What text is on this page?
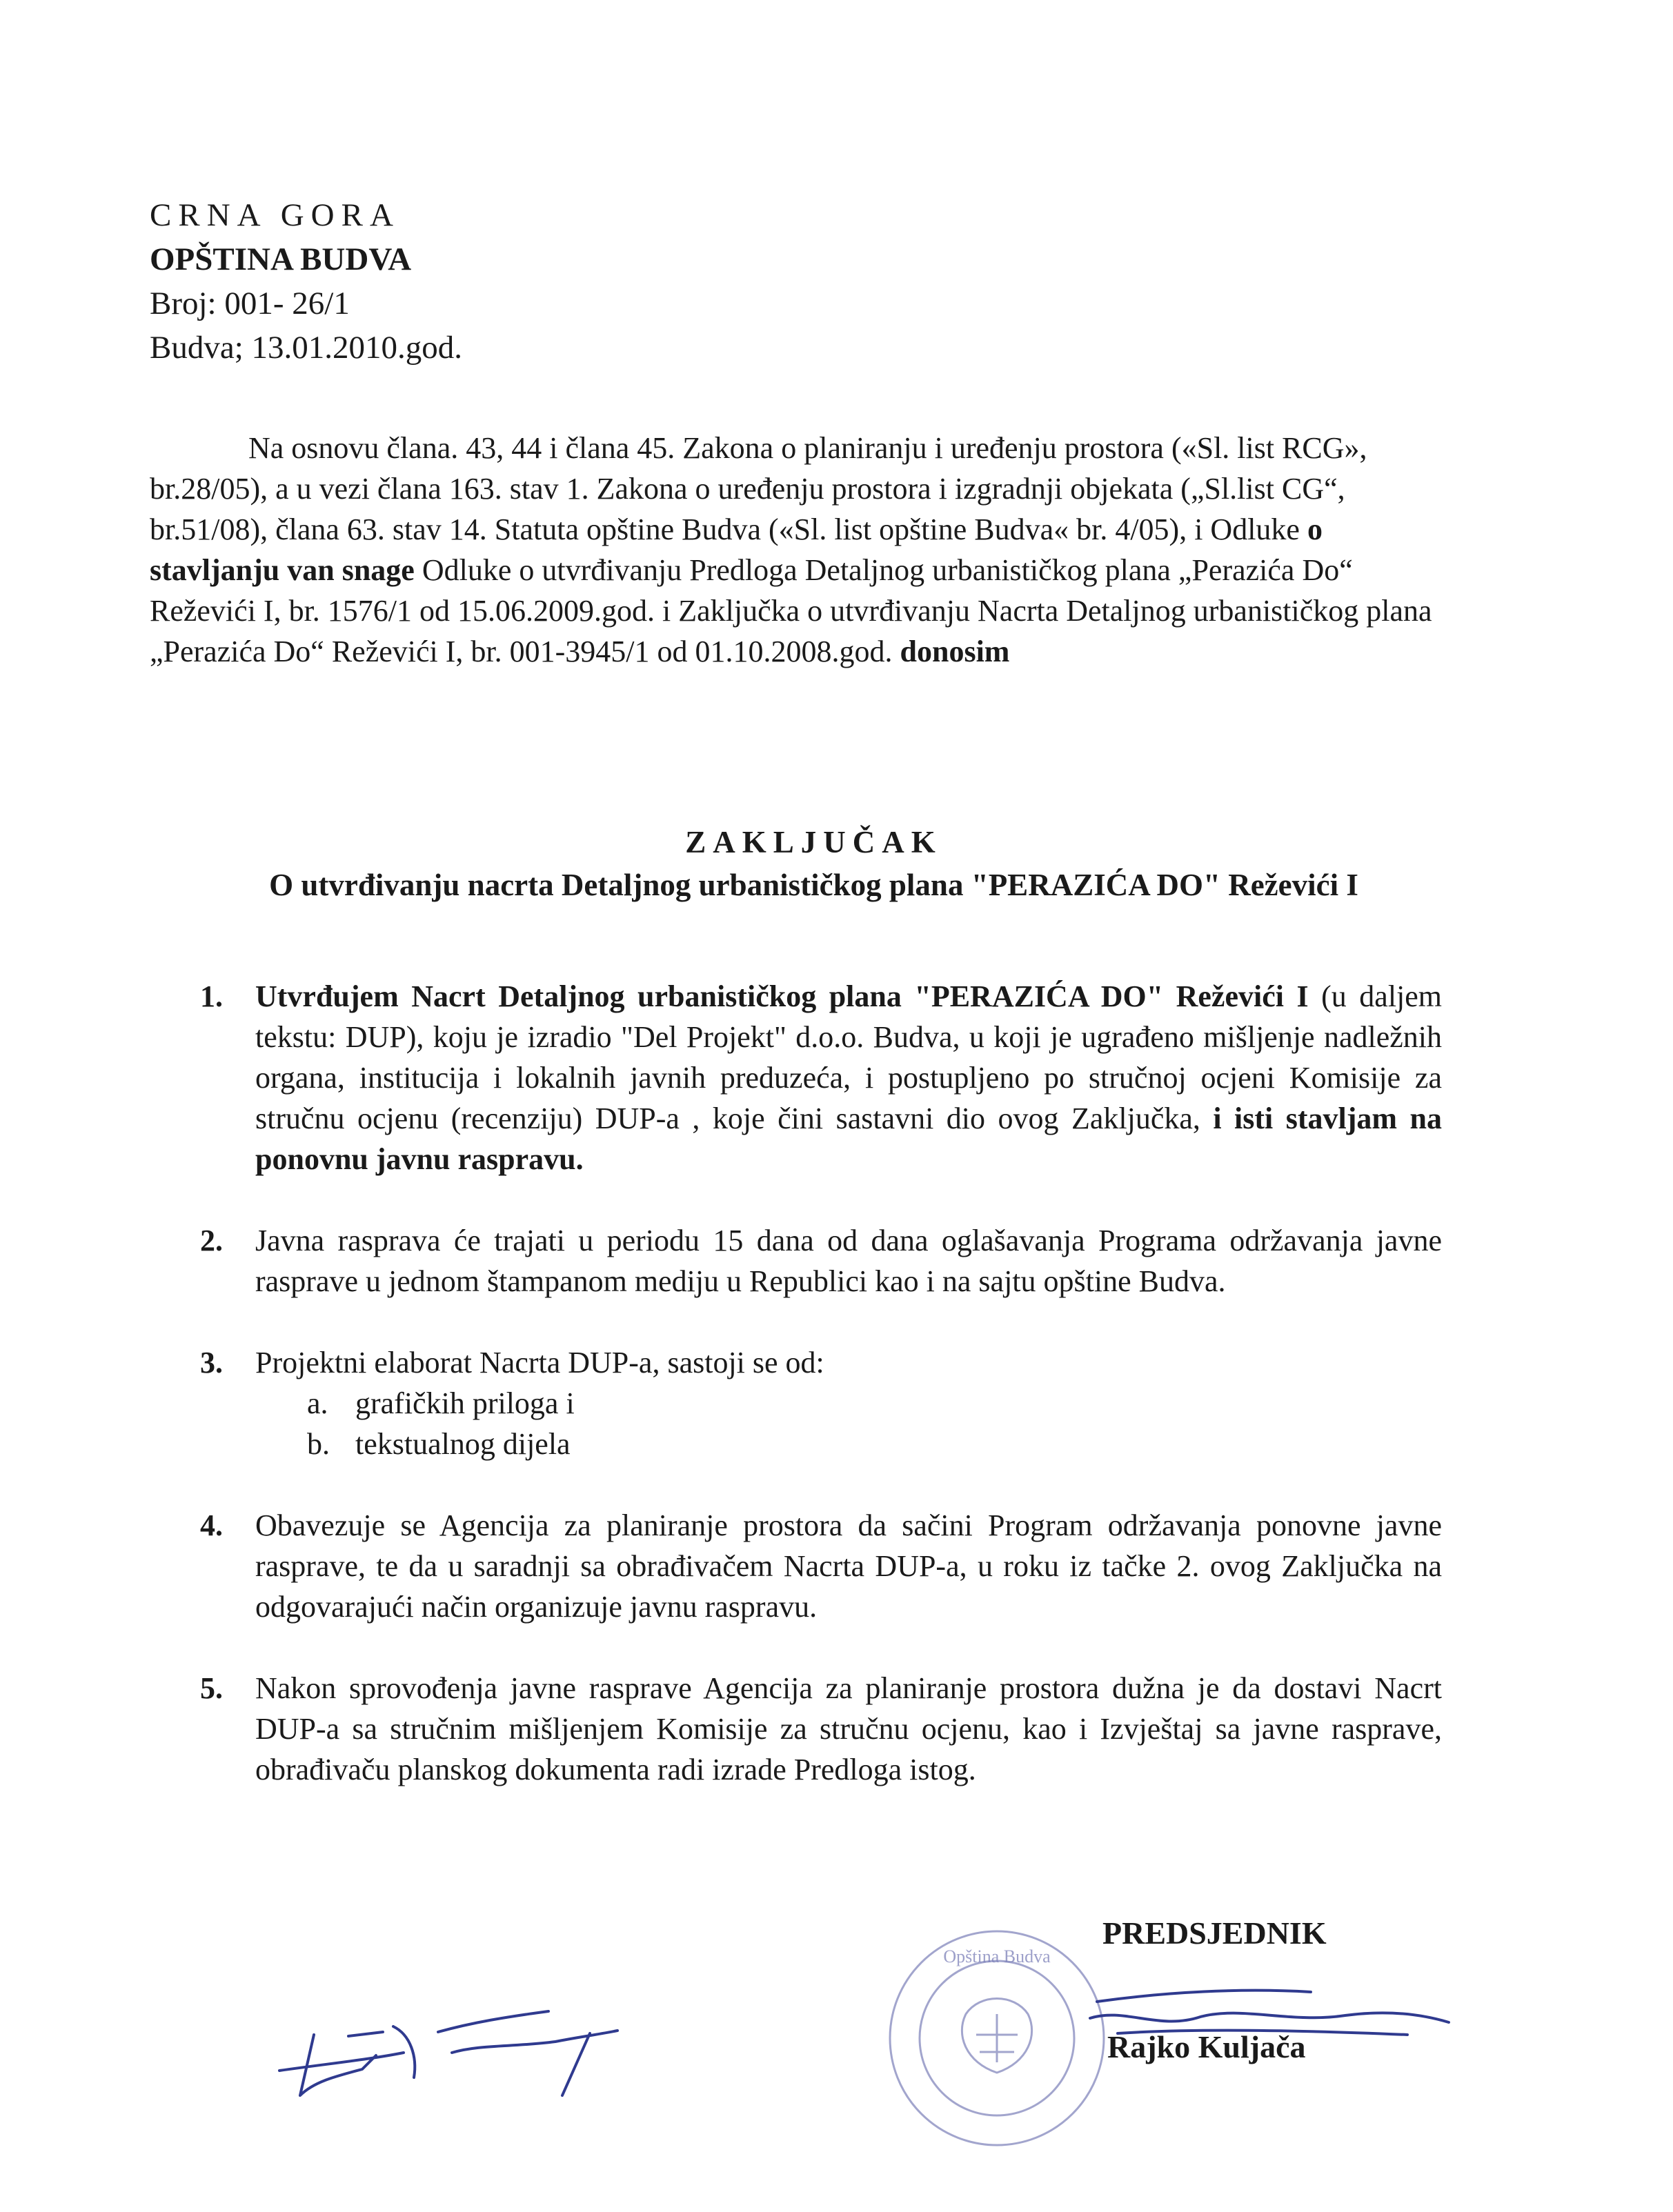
CRNA GORA
OPŠTINA BUDVA
Broj: 001- 26/1
Budva; 13.01.2010.god.
Na osnovu člana. 43, 44 i člana 45. Zakona o planiranju i uređenju prostora («Sl. list RCG», br.28/05), a u vezi člana 163. stav 1. Zakona o uređenju prostora i izgradnji objekata („Sl.list CG“, br.51/08), člana 63. stav 14. Statuta opštine Budva («Sl. list opštine Budva« br. 4/05), i Odluke o stavljanju van snage Odluke o utvrđivanju Predloga Detaljnog urbanističkog plana „Perazića Do“ Reževići I, br. 1576/1 od 15.06.2009.god. i Zaključka o utvrđivanju Nacrta Detaljnog urbanističkog plana „Perazića Do“ Reževići I, br. 001-3945/1 od 01.10.2008.god. donosim
ZAKLJUČAK
O utvrđivanju nacrta Detaljnog urbanističkog plana "PERAZIĆA DO" Reževići I
1.	Utvrđujem Nacrt Detaljnog urbanističkog plana "PERAZIĆA DO" Reževići I (u daljem tekstu: DUP), koju je izradio "Del Projekt" d.o.o. Budva, u koji je ugrađeno mišljenje nadležnih organa, institucija i lokalnih javnih preduzeća, i postupljeno po stručnoj ocjeni Komisije za stručnu ocjenu (recenziju) DUP-a , koje čini sastavni dio ovog Zaključka, i isti stavljam na ponovnu javnu raspravu.
2.	Javna rasprava će trajati u periodu 15 dana od dana oglašavanja Programa održavanja javne rasprave u jednom štampanom mediju u Republici kao i na sajtu opštine Budva.
3.	Projektni elaborat Nacrta DUP-a, sastoji se od:
a. grafičkih priloga i
b. tekstualnog dijela
4.	Obavezuje se Agencija za planiranje prostora da sačini Program održavanja ponovne javne rasprave, te da u saradnji sa obrađivačem Nacrta DUP-a, u roku iz tačke 2. ovog Zaključka na odgovarajući način organizuje javnu raspravu.
5.	Nakon sprovođenja javne rasprave Agencija za planiranje prostora dužna je da dostavi Nacrt DUP-a sa stručnim mišljenjem Komisije za stručnu ocjenu, kao i Izvještaj sa javne rasprave, obrađivaču planskog dokumenta radi izrade Predloga istog.
PREDSJEDNIK
Rajko Kuljača
Opština Budva
